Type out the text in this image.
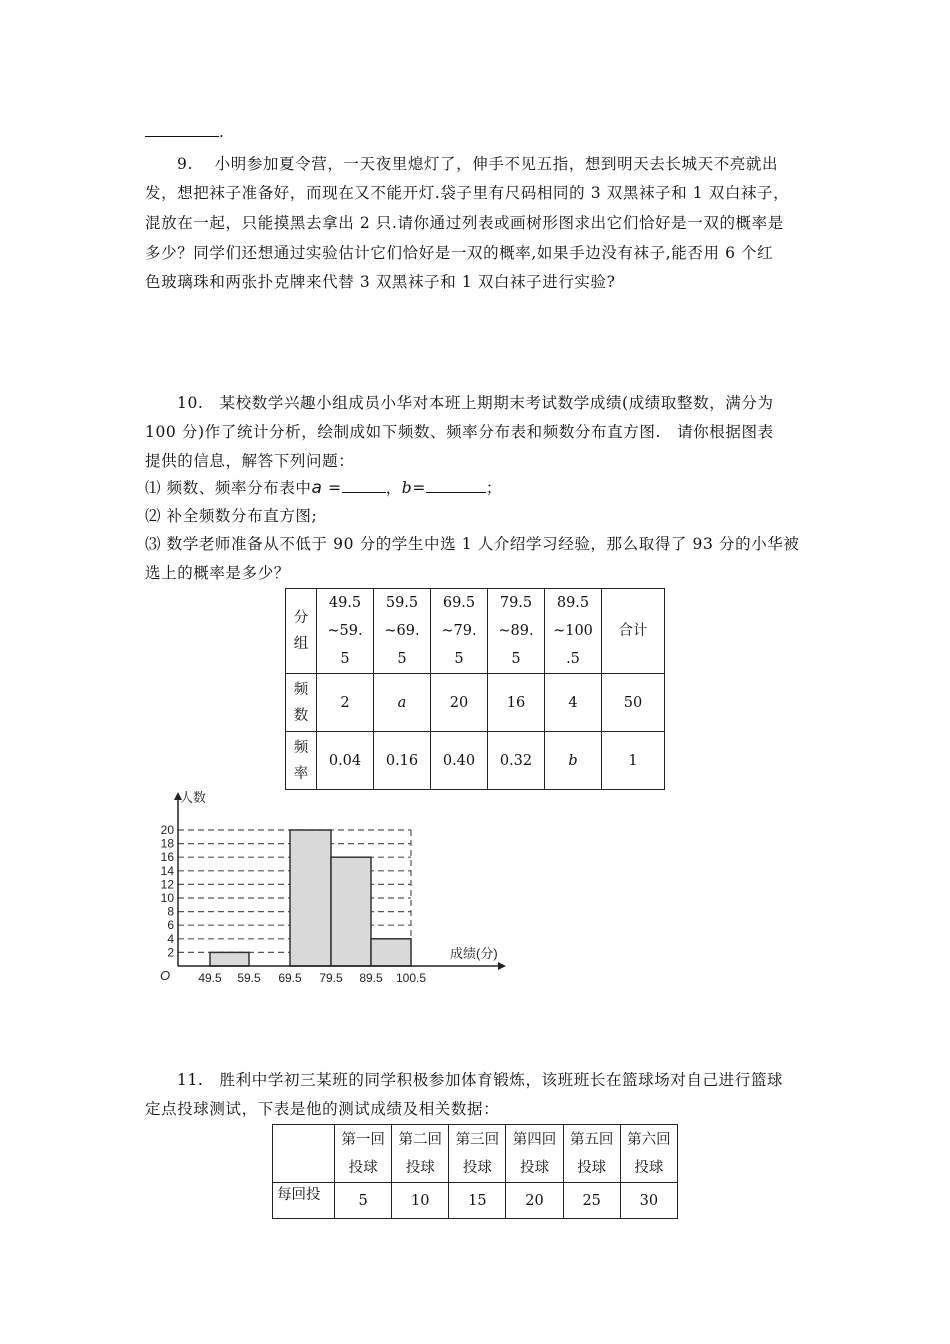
.
9.　 小明参加夏令营，一天夜里熄灯了，伸手不见五指，想到明天去长城天不亮就出
发，想把袜子准备好，而现在又不能开灯.袋子里有尺码相同的 3 双黑袜子和 1 双白袜子，
混放在一起，只能摸黑去拿出 2 只.请你通过列表或画树形图求出它们恰好是一双的概率是
多少？同学们还想通过实验估计它们恰好是一双的概率,如果手边没有袜子,能否用 6 个红
色玻璃珠和两张扑克牌来代替 3 双黑袜子和 1 双白袜子进行实验?
10.　某校数学兴趣小组成员小华对本班上期期末考试数学成绩(成绩取整数，满分为
100 分)作了统计分析，绘制成如下频数、频率分布表和频数分布直方图.　请你根据图表
提供的信息，解答下列问题：
⑴ 频数、频率分布表中a =	，b=	；
⑵ 补全频数分布直方图;
⑶ 数学老师准备从不低于 90 分的学生中选 1 人介绍学习经验，那么取得了 93 分的小华被
选上的概率是多少？
分
组	49.5
~59.
5	59.5
~69.
5	69.5
~79.
5	79.5
~89.
5	89.5
~100
.5	合计
频
数	2	a	20	16	4	50
频
率	0.04	0.16	0.40	0.32	b	1
2
4
6
8
10
12
14
16
18
20
49.5 59.5 69.5 79.5 89.5 100.5
人数
成绩(分)
O
11.　胜利中学初三某班的同学积极参加体育锻炼，该班班长在篮球场对自己进行篮球
定点投球测试，下表是他的测试成绩及相关数据：
	第一回
投球	第二回
投球	第三回
投球	第四回
投球	第五回
投球	第六回
投球
每回投	5	10	15	20	25	30
